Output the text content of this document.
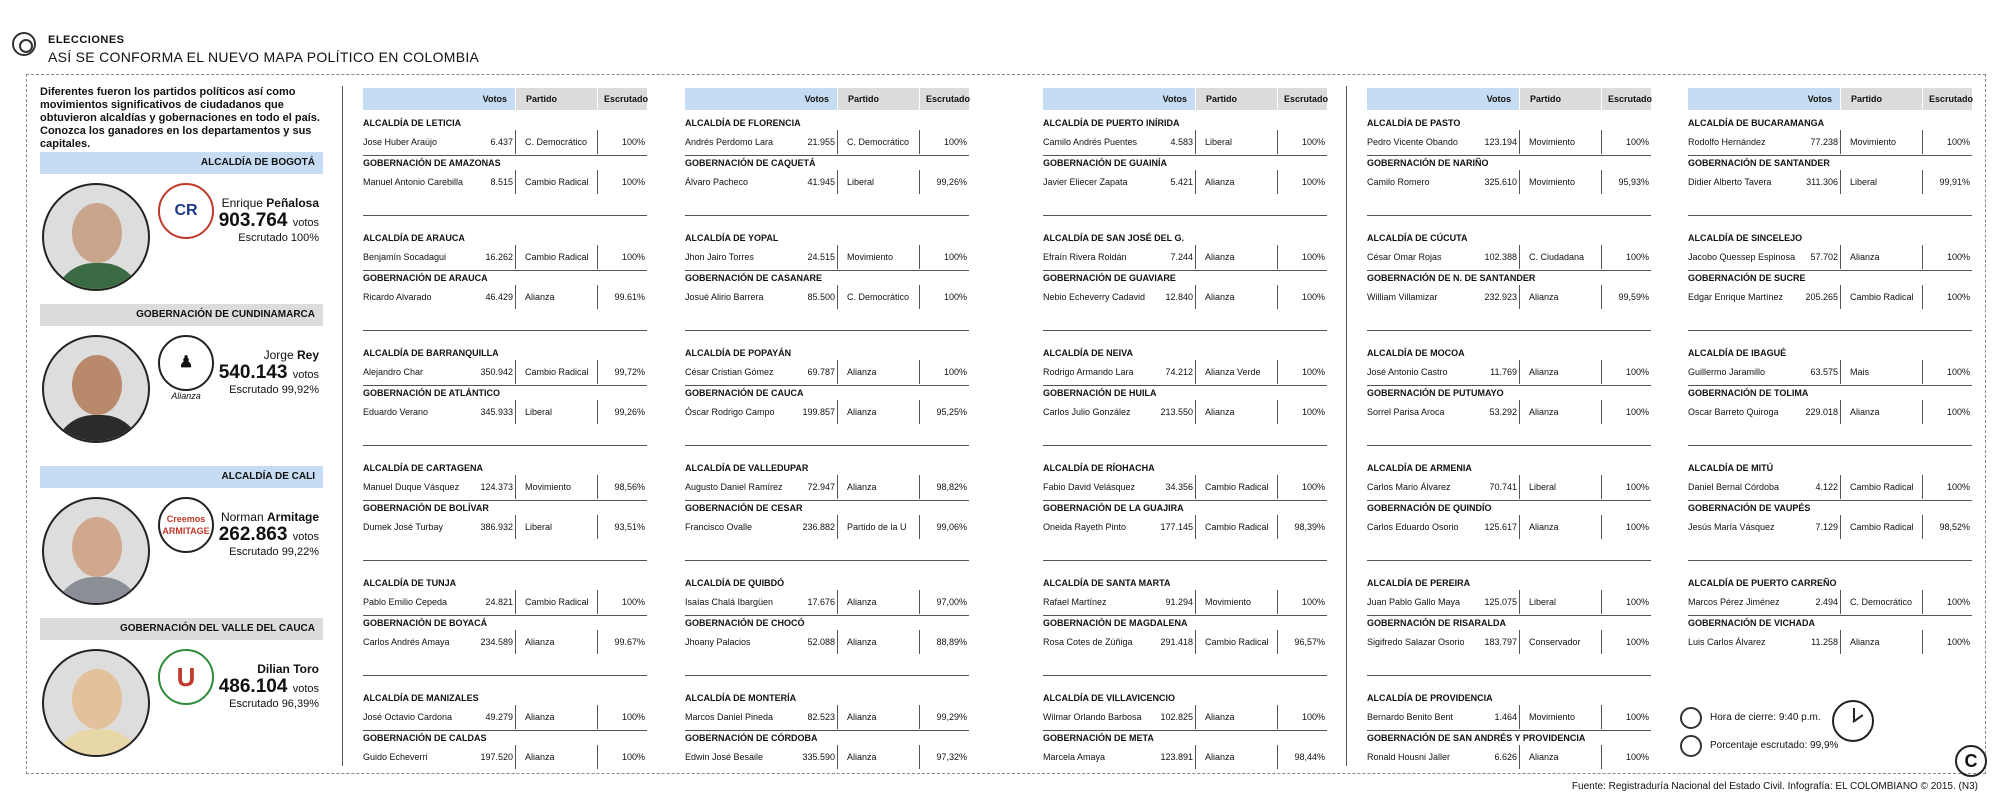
ELECCIONES
ASÍ SE CONFORMA EL NUEVO MAPA POLÍTICO EN COLOMBIA
Diferentes fueron los partidos políticos así como movimientos significativos de ciudadanos que obtuvieron alcaldías y gobernaciones en todo el país. Conozca los ganadores en los departamentos y sus capitales.
ALCALDÍA DE BOGOTÁ
CR	Enrique Peñalosa
903.764 votos
Escrutado 100%
GOBERNACIÓN DE CUNDINAMARCA
♟
Alianza
Jorge Rey
540.143 votos
Escrutado 99,92%
ALCALDÍA DE CALI
Creemos ARMITAGE
Norman Armitage
262.863 votos
Escrutado 99,22%
GOBERNACIÓN DEL VALLE DEL CAUCA
U	Dilian Toro
486.104 votos
Escrutado 96,39%
Votos	Partido	Escrutado
ALCALDÍA DE LETICIA
Jose Huber Araújo	6.437 C. Democrático	100%
GOBERNACIÓN DE AMAZONAS
Manuel Antonio Carebilla	8.515 Cambio Radical	100%
ALCALDÍA DE ARAUCA
Benjamín Socadagui	16.262 Cambio Radical	100%
GOBERNACIÓN DE ARAUCA
Ricardo Alvarado	46.429 Alianza	99.61%
ALCALDÍA DE BARRANQUILLA
Alejandro Char	350.942 Cambio Radical	99,72%
GOBERNACIÓN DE ATLÁNTICO
Eduardo Verano	345.933 Liberal	99,26%
ALCALDÍA DE CARTAGENA
Manuel Duque Vásquez	124.373 Movimiento	98,56%
GOBERNACIÓN DE BOLÍVAR
Dumek José Turbay	386.932 Liberal	93,51%
ALCALDÍA DE TUNJA
Pablo Emilio Cepeda	24.821 Cambio Radical	100%
GOBERNACIÓN DE BOYACÁ
Carlos Andrés Amaya	234.589 Alianza	99.67%
ALCALDÍA DE MANIZALES
José Octavio Cardona	49.279 Alianza	100%
GOBERNACIÓN DE CALDAS
Guido Echeverri	197.520 Alianza	100%
Votos	Partido	Escrutado
ALCALDÍA DE FLORENCIA
Andrés Perdomo Lara	21.955 C. Democrático	100%
GOBERNACIÓN DE CAQUETÁ
Álvaro Pacheco	41.945 Liberal	99,26%
ALCALDÍA DE YOPAL
Jhon Jairo Torres	24.515 Movimiento	100%
GOBERNACIÓN DE CASANARE
Josué Alirio Barrera	85.500 C. Democrático	100%
ALCALDÍA DE POPAYÁN
César Cristian Gómez	69.787 Alianza	100%
GOBERNACIÓN DE CAUCA
Óscar Rodrigo Campo	199.857 Alianza	95,25%
ALCALDÍA DE VALLEDUPAR
Augusto Daniel Ramírez	72.947 Alianza	98,82%
GOBERNACIÓN DE CESAR
Francisco Ovalle	236.882 Partido de la U	99,06%
ALCALDÍA DE QUIBDÓ
Isaías Chalá Ibargüen	17.676 Alianza	97,00%
GOBERNACIÓN DE CHOCÓ
Jhoany Palacios	52.088 Alianza	88,89%
ALCALDÍA DE MONTERÍA
Marcos Daniel Pineda	82.523 Alianza	99,29%
GOBERNACIÓN DE CÓRDOBA
Edwin José Besaile	335.590 Alianza	97,32%
Votos	Partido	Escrutado
ALCALDÍA DE PUERTO INÍRIDA
Camilo Andrés Puentes	4.583 Liberal	100%
GOBERNACIÓN DE GUAINÍA
Javier Eliecer Zapata	5.421 Alianza	100%
ALCALDÍA DE SAN JOSÉ DEL G.
Efraín Rivera Roldán	7.244 Alianza	100%
GOBERNACIÓN DE GUAVIARE
Nebio Echeverry Cadavid	12.840 Alianza	100%
ALCALDÍA DE NEIVA
Rodrigo Armando Lara	74.212 Alianza Verde	100%
GOBERNACIÓN DE HUILA
Carlos Julio González	213.550 Alianza	100%
ALCALDÍA DE RÍOHACHA
Fabio David Velásquez	34.356 Cambio Radical	100%
GOBERNACIÓN DE LA GUAJIRA
Oneida Rayeth Pinto	177.145 Cambio Radical	98,39%
ALCALDÍA DE SANTA MARTA
Rafael Martínez	91.294 Movimiento	100%
GOBERNACIÓN DE MAGDALENA
Rosa Cotes de Zúñiga	291.418 Cambio Radical	96,57%
ALCALDÍA DE VILLAVICENCIO
Wilmar Orlando Barbosa	102.825 Alianza	100%
GOBERNACIÓN DE META
Marcela Amaya	123.891 Alianza	98,44%
Votos	Partido	Escrutado
ALCALDÍA DE PASTO
Pedro Vicente Obando	123.194 Movimiento	100%
GOBERNACIÓN DE NARIÑO
Camilo Romero	325.610 Movimiento	95,93%
ALCALDÍA DE CÚCUTA
César Omar Rojas	102.388 C. Ciudadana	100%
GOBERNACIÓN DE N. DE SANTANDER
William Villamizar	232.923 Alianza	99,59%
ALCALDÍA DE MOCOA
José Antonio Castro	11.769 Alianza	100%
GOBERNACIÓN DE PUTUMAYO
Sorrel Parisa Aroca	53.292 Alianza	100%
ALCALDÍA DE ARMENIA
Carlos Mario Álvarez	70.741 Liberal	100%
GOBERNACIÓN DE QUINDÍO
Carlos Eduardo Osorio	125.617 Alianza	100%
ALCALDÍA DE PEREIRA
Juan Pablo Gallo Maya	125.075 Liberal	100%
GOBERNACIÓN DE RISARALDA
Sigifredo Salazar Osorio	183.797 Conservador	100%
ALCALDÍA DE PROVIDENCIA
Bernardo Benito Bent	1.464 Movimiento	100%
GOBERNACIÓN DE SAN ANDRÉS Y PROVIDENCIA
Ronald Housni Jaller	6.626 Alianza	100%
Votos	Partido	Escrutado
ALCALDÍA DE BUCARAMANGA
Rodolfo Hernández	77.238 Movimiento	100%
GOBERNACIÓN DE SANTANDER
Didier Alberto Tavera	311.306 Liberal	99,91%
ALCALDÍA DE SINCELEJO
Jacobo Quessep Espinosa	57.702 Alianza	100%
GOBERNACIÓN DE SUCRE
Edgar Enrique Martínez	205.265 Cambio Radical	100%
ALCALDÍA DE IBAGUÉ
Guillermo Jaramillo	63.575 Mais	100%
GOBERNACIÓN DE TOLIMA
Oscar Barreto Quiroga	229.018 Alianza	100%
ALCALDÍA DE MITÚ
Daniel Bernal Córdoba	4.122 Cambio Radical	100%
GOBERNACIÓN DE VAUPÉS
Jesús María Vásquez	7.129 Cambio Radical	98,52%
ALCALDÍA DE PUERTO CARREÑO
Marcos Pérez Jiménez	2.494 C. Democrático	100%
GOBERNACIÓN DE VICHADA
Luis Carlos Álvarez	11.258 Alianza	100%
Hora de cierre: 9:40 p.m.
Porcentaje escrutado: 99,9%
C
Fuente: Registraduría Nacional del Estado Civil. Infografía: EL COLOMBIANO © 2015. (N3)
